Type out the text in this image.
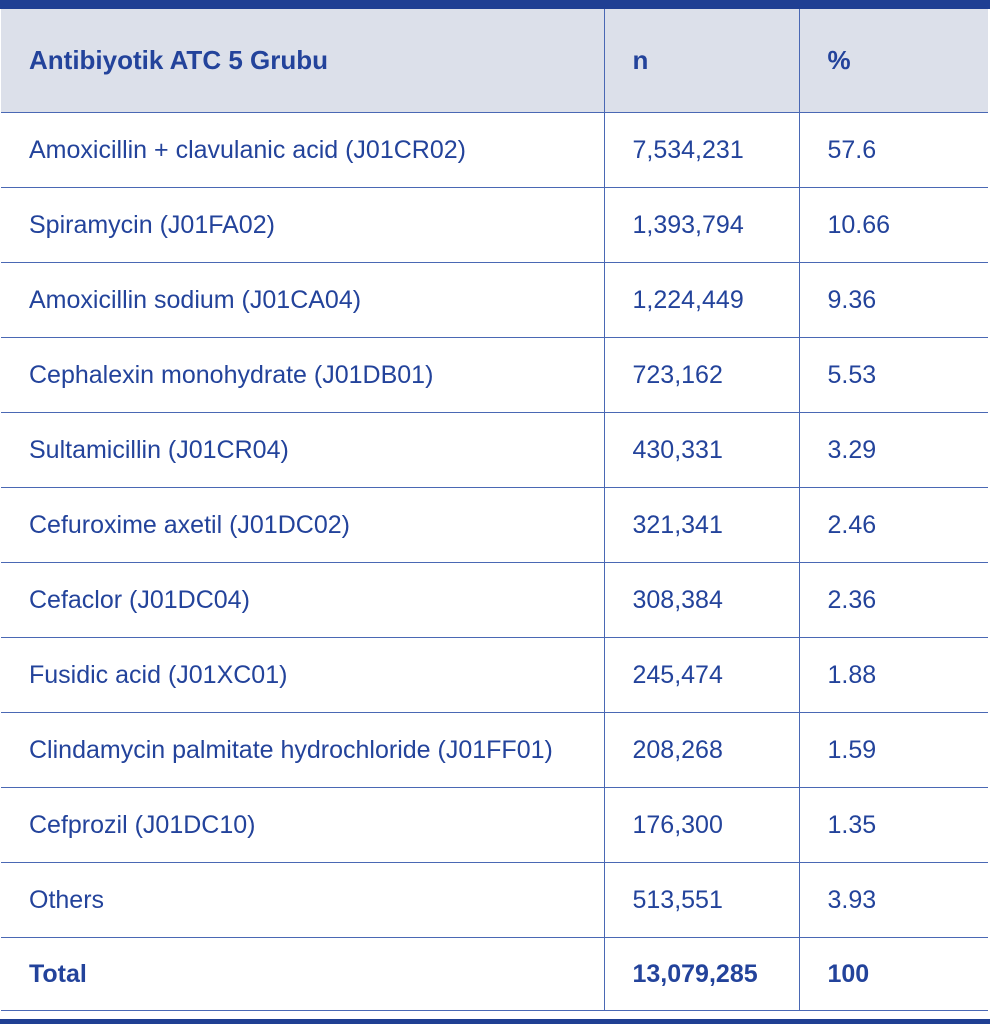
Antibiyotik ATC 5 Grubu	n	%
Amoxicillin + clavulanic acid (J01CR02)	7,534,231	57.6
Spiramycin (J01FA02)	1,393,794	10.66
Amoxicillin sodium (J01CA04)	1,224,449	9.36
Cephalexin monohydrate (J01DB01)	723,162	5.53
Sultamicillin (J01CR04)	430,331	3.29
Cefuroxime axetil (J01DC02)	321,341	2.46
Cefaclor (J01DC04)	308,384	2.36
Fusidic acid (J01XC01)	245,474	1.88
Clindamycin palmitate hydrochloride (J01FF01)	208,268	1.59
Cefprozil (J01DC10)	176,300	1.35
Others	513,551	3.93
Total	13,079,285	100
